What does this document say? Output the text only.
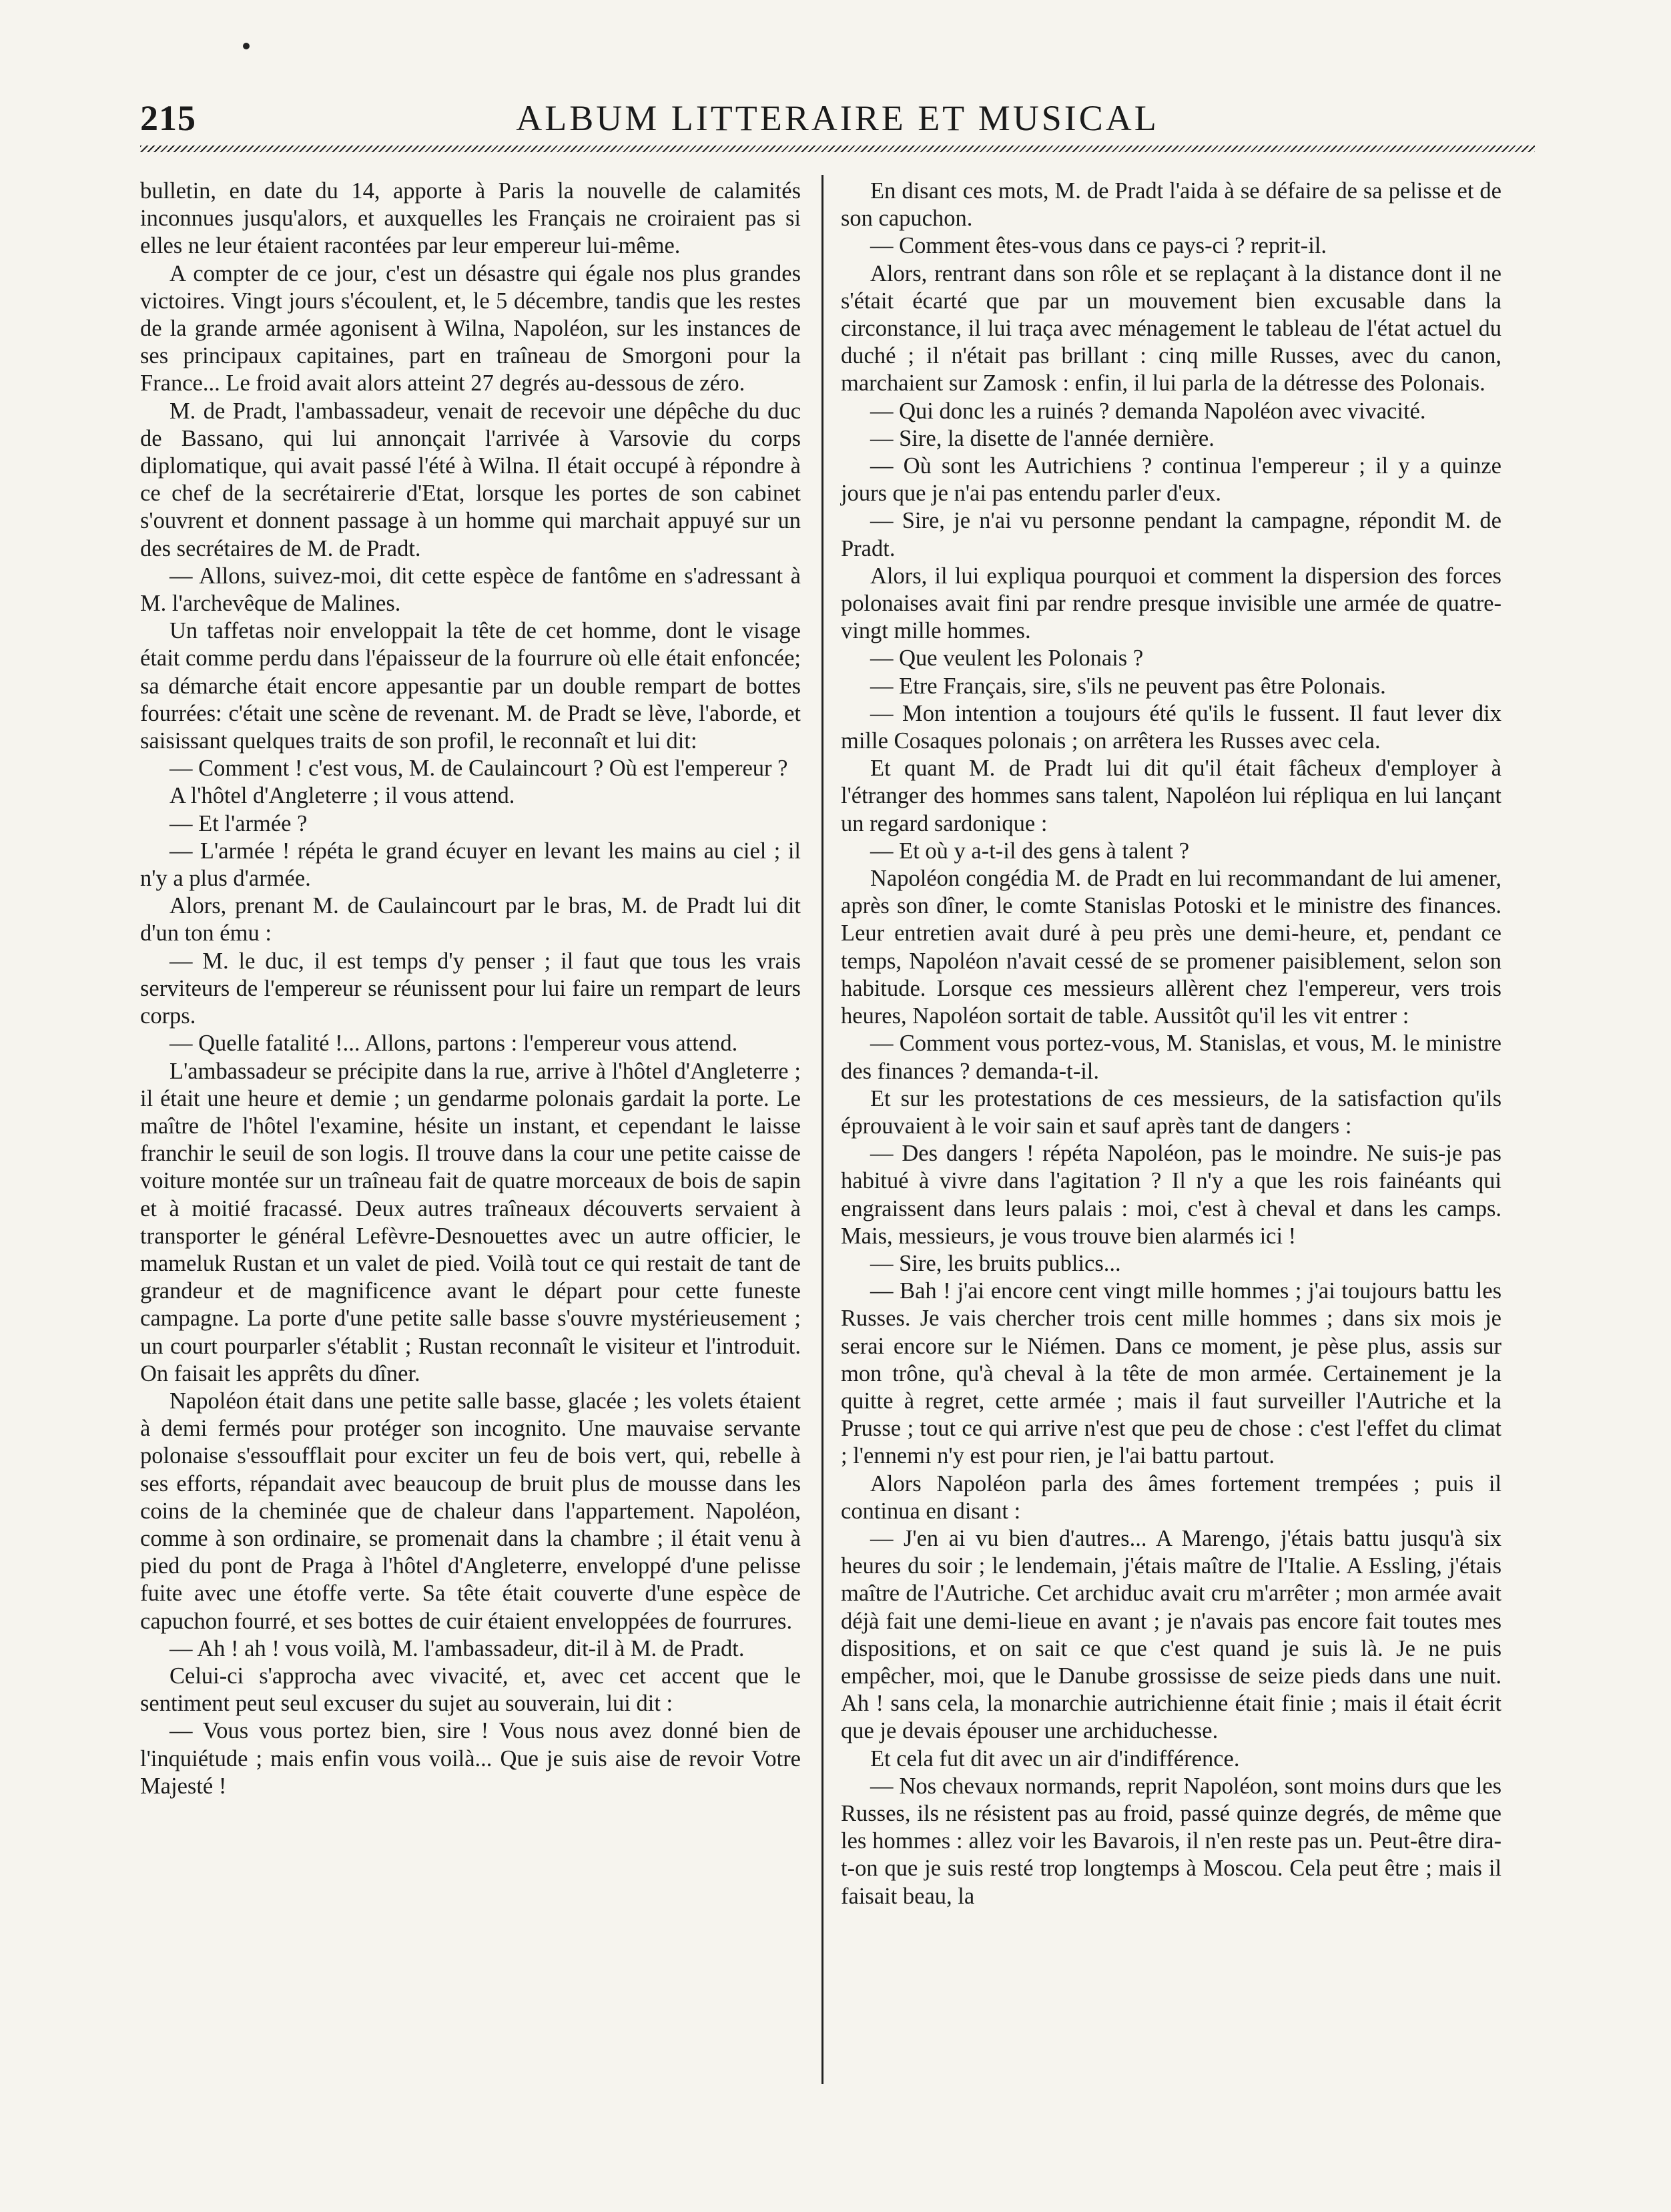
215	ALBUM LITTERAIRE ET MUSICAL

bulletin, en date du 14, apporte à Paris la nouvelle de calamités inconnues jusqu'alors, et auxquelles les Français ne croiraient pas si elles ne leur étaient racontées par leur empereur lui-même.

A compter de ce jour, c'est un désastre qui égale nos plus grandes victoires. Vingt jours s'écoulent, et, le 5 décembre, tandis que les restes de la grande armée agonisent à Wilna, Napoléon, sur les instances de ses principaux capitaines, part en traîneau de Smorgoni pour la France... Le froid avait alors atteint 27 degrés au-dessous de zéro.

M. de Pradt, l'ambassadeur, venait de recevoir une dépêche du duc de Bassano, qui lui annonçait l'arrivée à Varsovie du corps diplomatique, qui avait passé l'été à Wilna. Il était occupé à répondre à ce chef de la secrétairerie d'Etat, lorsque les portes de son cabinet s'ouvrent et donnent passage à un homme qui marchait appuyé sur un des secrétaires de M. de Pradt.

— Allons, suivez-moi, dit cette espèce de fantôme en s'adressant à M. l'archevêque de Malines.

Un taffetas noir enveloppait la tête de cet homme, dont le visage était comme perdu dans l'épaisseur de la fourrure où elle était enfoncée; sa démarche était encore appesantie par un double rempart de bottes fourrées: c'était une scène de revenant. M. de Pradt se lève, l'aborde, et saisissant quelques traits de son profil, le reconnaît et lui dit:

— Comment ! c'est vous, M. de Caulaincourt ? Où est l'empereur ?

A l'hôtel d'Angleterre ; il vous attend.

— Et l'armée ?

— L'armée ! répéta le grand écuyer en levant les mains au ciel ; il n'y a plus d'armée.

Alors, prenant M. de Caulaincourt par le bras, M. de Pradt lui dit d'un ton ému :

— M. le duc, il est temps d'y penser ; il faut que tous les vrais serviteurs de l'empereur se réunissent pour lui faire un rempart de leurs corps.

— Quelle fatalité !... Allons, partons : l'empereur vous attend.

L'ambassadeur se précipite dans la rue, arrive à l'hôtel d'Angleterre ; il était une heure et demie ; un gendarme polonais gardait la porte. Le maître de l'hôtel l'examine, hésite un instant, et cependant le laisse franchir le seuil de son logis. Il trouve dans la cour une petite caisse de voiture montée sur un traîneau fait de quatre morceaux de bois de sapin et à moitié fracassé. Deux autres traîneaux découverts servaient à transporter le général Lefèvre-Desnouettes avec un autre officier, le mameluk Rustan et un valet de pied. Voilà tout ce qui restait de tant de grandeur et de magnificence avant le départ pour cette funeste campagne. La porte d'une petite salle basse s'ouvre mystérieusement ; un court pourparler s'établit ; Rustan reconnaît le visiteur et l'introduit. On faisait les apprêts du dîner.

Napoléon était dans une petite salle basse, glacée ; les volets étaient à demi fermés pour protéger son incognito. Une mauvaise servante polonaise s'essoufflait pour exciter un feu de bois vert, qui, rebelle à ses efforts, répandait avec beaucoup de bruit plus de mousse dans les coins de la cheminée que de chaleur dans l'appartement. Napoléon, comme à son ordinaire, se promenait dans la chambre ; il était venu à pied du pont de Praga à l'hôtel d'Angleterre, enveloppé d'une pelisse fuite avec une étoffe verte. Sa tête était couverte d'une espèce de capuchon fourré, et ses bottes de cuir étaient enveloppées de fourrures.

— Ah ! ah ! vous voilà, M. l'ambassadeur, dit-il à M. de Pradt.

Celui-ci s'approcha avec vivacité, et, avec cet accent que le sentiment peut seul excuser du sujet au souverain, lui dit :

— Vous vous portez bien, sire ! Vous nous avez donné bien de l'inquiétude ; mais enfin vous voilà... Que je suis aise de revoir Votre Majesté !

En disant ces mots, M. de Pradt l'aida à se défaire de sa pelisse et de son capuchon.

— Comment êtes-vous dans ce pays-ci ? reprit-il.

Alors, rentrant dans son rôle et se replaçant à la distance dont il ne s'était écarté que par un mouvement bien excusable dans la circonstance, il lui traça avec ménagement le tableau de l'état actuel du duché ; il n'était pas brillant : cinq mille Russes, avec du canon, marchaient sur Zamosk : enfin, il lui parla de la détresse des Polonais.

— Qui donc les a ruinés ? demanda Napoléon avec vivacité.

— Sire, la disette de l'année dernière.

— Où sont les Autrichiens ? continua l'empereur ; il y a quinze jours que je n'ai pas entendu parler d'eux.

— Sire, je n'ai vu personne pendant la campagne, répondit M. de Pradt.

Alors, il lui expliqua pourquoi et comment la dispersion des forces polonaises avait fini par rendre presque invisible une armée de quatre-vingt mille hommes.

— Que veulent les Polonais ?

— Etre Français, sire, s'ils ne peuvent pas être Polonais.

— Mon intention a toujours été qu'ils le fussent. Il faut lever dix mille Cosaques polonais ; on arrêtera les Russes avec cela.

Et quant M. de Pradt lui dit qu'il était fâcheux d'employer à l'étranger des hommes sans talent, Napoléon lui répliqua en lui lançant un regard sardonique :

— Et où y a-t-il des gens à talent ?

Napoléon congédia M. de Pradt en lui recommandant de lui amener, après son dîner, le comte Stanislas Potoski et le ministre des finances. Leur entretien avait duré à peu près une demi-heure, et, pendant ce temps, Napoléon n'avait cessé de se promener paisiblement, selon son habitude. Lorsque ces messieurs allèrent chez l'empereur, vers trois heures, Napoléon sortait de table. Aussitôt qu'il les vit entrer :

— Comment vous portez-vous, M. Stanislas, et vous, M. le ministre des finances ? demanda-t-il.

Et sur les protestations de ces messieurs, de la satisfaction qu'ils éprouvaient à le voir sain et sauf après tant de dangers :

— Des dangers ! répéta Napoléon, pas le moindre. Ne suis-je pas habitué à vivre dans l'agitation ? Il n'y a que les rois fainéants qui engraissent dans leurs palais : moi, c'est à cheval et dans les camps. Mais, messieurs, je vous trouve bien alarmés ici !

— Sire, les bruits publics...

— Bah ! j'ai encore cent vingt mille hommes ; j'ai toujours battu les Russes. Je vais chercher trois cent mille hommes ; dans six mois je serai encore sur le Niémen. Dans ce moment, je pèse plus, assis sur mon trône, qu'à cheval à la tête de mon armée. Certainement je la quitte à regret, cette armée ; mais il faut surveiller l'Autriche et la Prusse ; tout ce qui arrive n'est que peu de chose : c'est l'effet du climat ; l'ennemi n'y est pour rien, je l'ai battu partout.

Alors Napoléon parla des âmes fortement trempées ; puis il continua en disant :

— J'en ai vu bien d'autres... A Marengo, j'étais battu jusqu'à six heures du soir ; le lendemain, j'étais maître de l'Italie. A Essling, j'étais maître de l'Autriche. Cet archiduc avait cru m'arrêter ; mon armée avait déjà fait une demi-lieue en avant ; je n'avais pas encore fait toutes mes dispositions, et on sait ce que c'est quand je suis là. Je ne puis empêcher, moi, que le Danube grossisse de seize pieds dans une nuit. Ah ! sans cela, la monarchie autrichienne était finie ; mais il était écrit que je devais épouser une archiduchesse.

Et cela fut dit avec un air d'indifférence.

— Nos chevaux normands, reprit Napoléon, sont moins durs que les Russes, ils ne résistent pas au froid, passé quinze degrés, de même que les hommes : allez voir les Bavarois, il n'en reste pas un. Peut-être dira-t-on que je suis resté trop longtemps à Moscou. Cela peut être ; mais il faisait beau, la
